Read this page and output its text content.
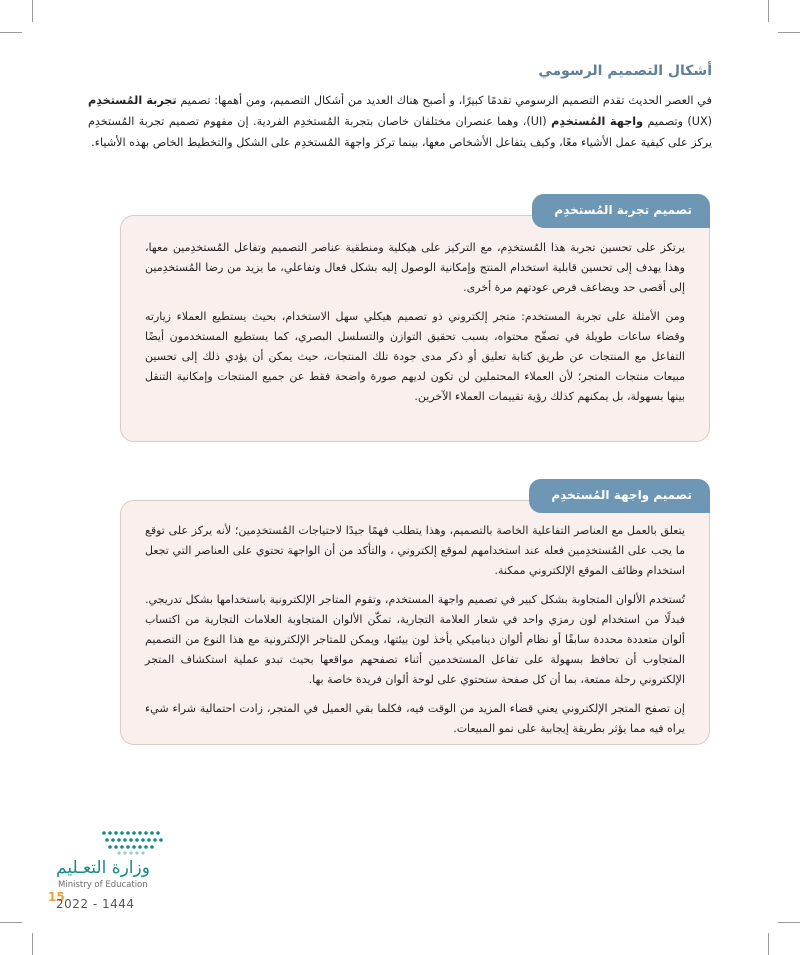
أشكال التصميم الرسومي

في العصر الحديث تقدم التصميم الرسومي تقدمًا كبيرًا، و أصبح هناك العديد من أشكال التصميم، ومن أهمها: تصميم تجربة المُستخدِم (UX) وتصميم واجهة المُستخدِم (UI)، وهما عنصران مختلفان خاصان بتجربة المُستخدِم الفردية. إن مفهوم تصميم تجربة المُستخدِم يركز على كيفية عمل الأشياء معًا، وكيف يتفاعل الأشخاص معها، بينما تركز واجهة المُستخدِم على الشكل والتخطيط الخاص بهذه الأشياء.

تصميم تجربة المُستخدِم

يرتكز على تحسين تجربة هذا المُستخدِم، مع التركيز على هيكلية ومنطقية عناصر التصميم وتفاعل المُستخدِمين معها، وهذا يهدف إلى تحسين قابلية استخدام المنتج وإمكانية الوصول إليه بشكل فعال وتفاعلي، ما يزيد من رضا المُستخدِمين إلى أقصى حد ويضاعف فرص عودتهم مرة أخرى.

ومن الأمثلة على تجربة المستخدم: متجر إلكتروني ذو تصميم هيكلي سهل الاستخدام، بحيث يستطيع العملاء زيارته وقضاء ساعات طويلة في تصفّح محتواه، بسبب تحقيق التوازن والتسلسل البصري، كما يستطيع المستخدمون أيضًا التفاعل مع المنتجات عن طريق كتابة تعليق أو ذكر مدى جودة تلك المنتجات، حيث يمكن أن يؤدي ذلك إلى تحسين مبيعات منتجات المتجر؛ لأن العملاء المحتملين لن تكون لديهم صورة واضحة فقط عن جميع المنتجات وإمكانية التنقل بينها بسهولة، بل يمكنهم كذلك رؤية تقييمات العملاء الآخرين.

تصميم واجهة المُستخدِم

يتعلق بالعمل مع العناصر التفاعلية الخاصة بالتصميم، وهذا يتطلب فهمًا جيدًا لاحتياجات المُستخدِمين؛ لأنه يركز على توقع ما يجب على المُستخدِمين فعله عند استخدامهم لموقع إلكتروني ، والتأكد من أن الواجهة تحتوي على العناصر التي تجعل استخدام وظائف الموقع الإلكتروني ممكنة.

تُستخدم الألوان المتجاوبة بشكل كبير في تصميم واجهة المستخدم، وتقوم المتاجر الإلكترونية باستخدامها بشكل تدريجي. فبدلًا من استخدام لون رمزي واحد في شعار العلامة التجارية، تمكّن الألوان المتجاوبة العلامات التجارية من اكتساب ألوان متعددة محددة سابقًا أو نظام ألوان ديناميكي يأخذ لون بيئتها، ويمكن للمتاجر الإلكترونية مع هذا النوع من التصميم المتجاوب أن تحافظ بسهولة على تفاعل المستخدمين أثناء تصفحهم مواقعها بحيث تبدو عملية استكشاف المتجر الإلكتروني رحلة ممتعة، بما أن كل صفحة ستحتوي على لوحة ألوان فريدة خاصة بها.

إن تصفح المتجر الإلكتروني يعني قضاء المزيد من الوقت فيه، فكلما بقي العميل في المتجر، زادت احتمالية شراء شيء يراه فيه مما يؤثر بطريقة إيجابية على نمو المبيعات.

وزارة التعـليم
Ministry of Education
15
2022 - 1444
